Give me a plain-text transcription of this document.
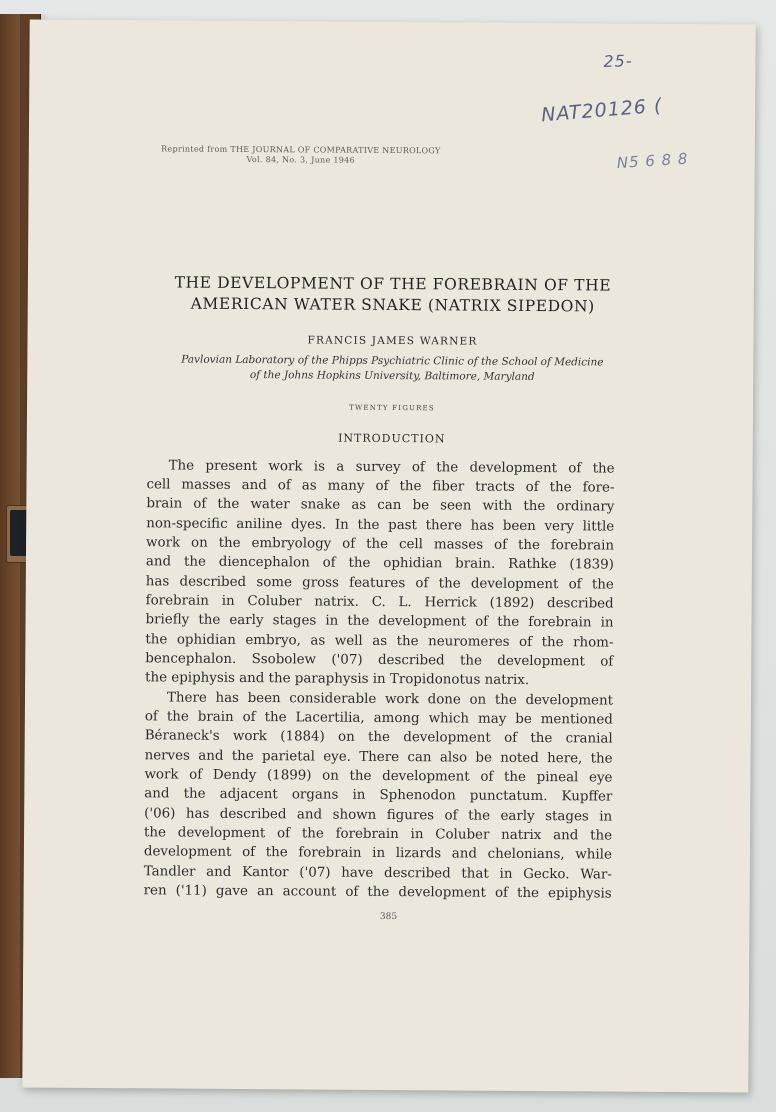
25-
NAT20126 (
N5 6 8 8
Reprinted from THE JOURNAL OF COMPARATIVE NEUROLOGY
Vol. 84, No. 3, June 1946
THE DEVELOPMENT OF THE FOREBRAIN OF THE
AMERICAN WATER SNAKE (NATRIX SIPEDON)
FRANCIS JAMES WARNER
Pavlovian Laboratory of the Phipps Psychiatric Clinic of the School of Medicine
of the Johns Hopkins University, Baltimore, Maryland
TWENTY FIGURES
INTRODUCTION
The present work is a survey of the development of the
cell masses and of as many of the fiber tracts of the fore-
brain of the water snake as can be seen with the ordinary
non-specific aniline dyes. In the past there has been very little
work on the embryology of the cell masses of the forebrain
and the diencephalon of the ophidian brain. Rathke (1839)
has described some gross features of the development of the
forebrain in Coluber natrix. C. L. Herrick (1892) described
briefly the early stages in the development of the forebrain in
the ophidian embryo, as well as the neuromeres of the rhom-
bencephalon. Ssobolew ('07) described the development of
the epiphysis and the paraphysis in Tropidonotus natrix.
There has been considerable work done on the development
of the brain of the Lacertilia, among which may be mentioned
Béraneck's work (1884) on the development of the cranial
nerves and the parietal eye. There can also be noted here, the
work of Dendy (1899) on the development of the pineal eye
and the adjacent organs in Sphenodon punctatum. Kupffer
('06) has described and shown figures of the early stages in
the development of the forebrain in Coluber natrix and the
development of the forebrain in lizards and chelonians, while
Tandler and Kantor ('07) have described that in Gecko. War-
ren ('11) gave an account of the development of the epiphysis
385
